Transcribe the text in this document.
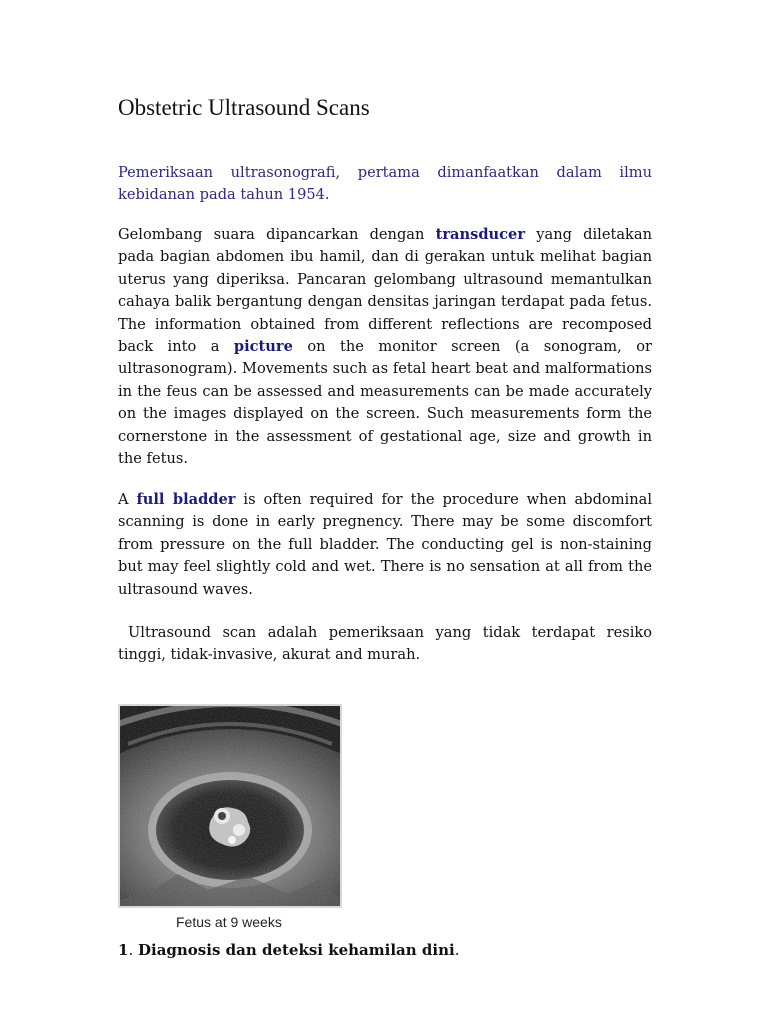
Obstetric Ultrasound Scans

Pemeriksaan ultrasonografi, pertama dimanfaatkan dalam ilmu kebidanan pada tahun 1954.

Gelombang suara dipancarkan dengan transducer yang diletakan pada bagian abdomen ibu hamil, dan di gerakan untuk melihat bagian uterus yang diperiksa. Pancaran gelombang ultrasound memantulkan cahaya balik bergantung dengan densitas jaringan terdapat pada fetus. The information obtained from different reflections are recomposed back into a picture on the monitor screen (a sonogram, or ultrasonogram). Movements such as fetal heart beat and malformations in the feus can be assessed and measurements can be made accurately on the images displayed on the screen. Such measurements form the cornerstone in the assessment of gestational age, size and growth in the fetus.

A full bladder is often required for the procedure when abdominal scanning is done in early pregnency. There may be some discomfort from pressure on the full bladder. The conducting gel is non-staining but may feel slightly cold and wet. There is no sensation at all from the ultrasound waves.

Ultrasound scan adalah pemeriksaan yang tidak terdapat resiko tinggi, tidak-invasive, akurat and murah.

Fetus at 9 weeks

1. Diagnosis dan deteksi kehamilan dini.
